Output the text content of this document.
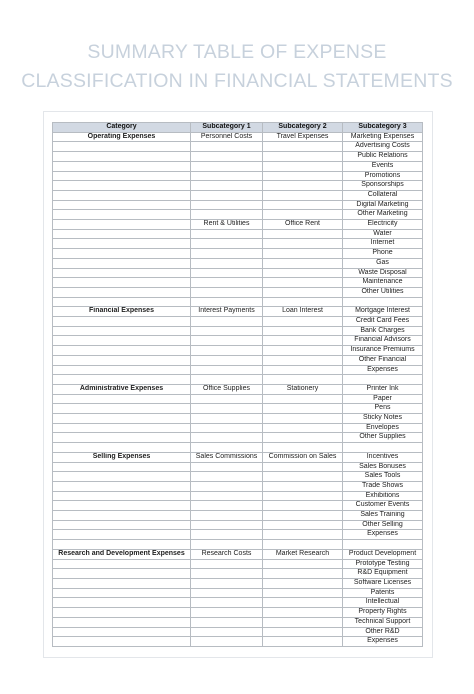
SUMMARY TABLE OF EXPENSE
CLASSIFICATION IN FINANCIAL STATEMENTS
Category	Subcategory 1	Subcategory 2	Subcategory 3
Operating Expenses	Personnel Costs	Travel Expenses	Marketing Expenses
			Advertising Costs
			Public Relations
			Events
			Promotions
			Sponsorships
			Collateral
			Digital Marketing
			Other Marketing
	Rent & Utilities	Office Rent	Electricity
			Water
			Internet
			Phone
			Gas
			Waste Disposal
			Maintenance
			Other Utilities

Financial Expenses	Interest Payments	Loan Interest	Mortgage Interest
			Credit Card Fees
			Bank Charges
			Financial Advisors
			Insurance Premiums
			Other Financial
			Expenses

Administrative Expenses	Office Supplies	Stationery	Printer Ink
			Paper
			Pens
			Sticky Notes
			Envelopes
			Other Supplies

Selling Expenses	Sales Commissions	Commission on Sales	Incentives
			Sales Bonuses
			Sales Tools
			Trade Shows
			Exhibitions
			Customer Events
			Sales Training
			Other Selling
			Expenses

Research and Development Expenses	Research Costs	Market Research	Product Development
			Prototype Testing
			R&D Equipment
			Software Licenses
			Patents
			Intellectual
			Property Rights
			Technical Support
			Other R&D
			Expenses
